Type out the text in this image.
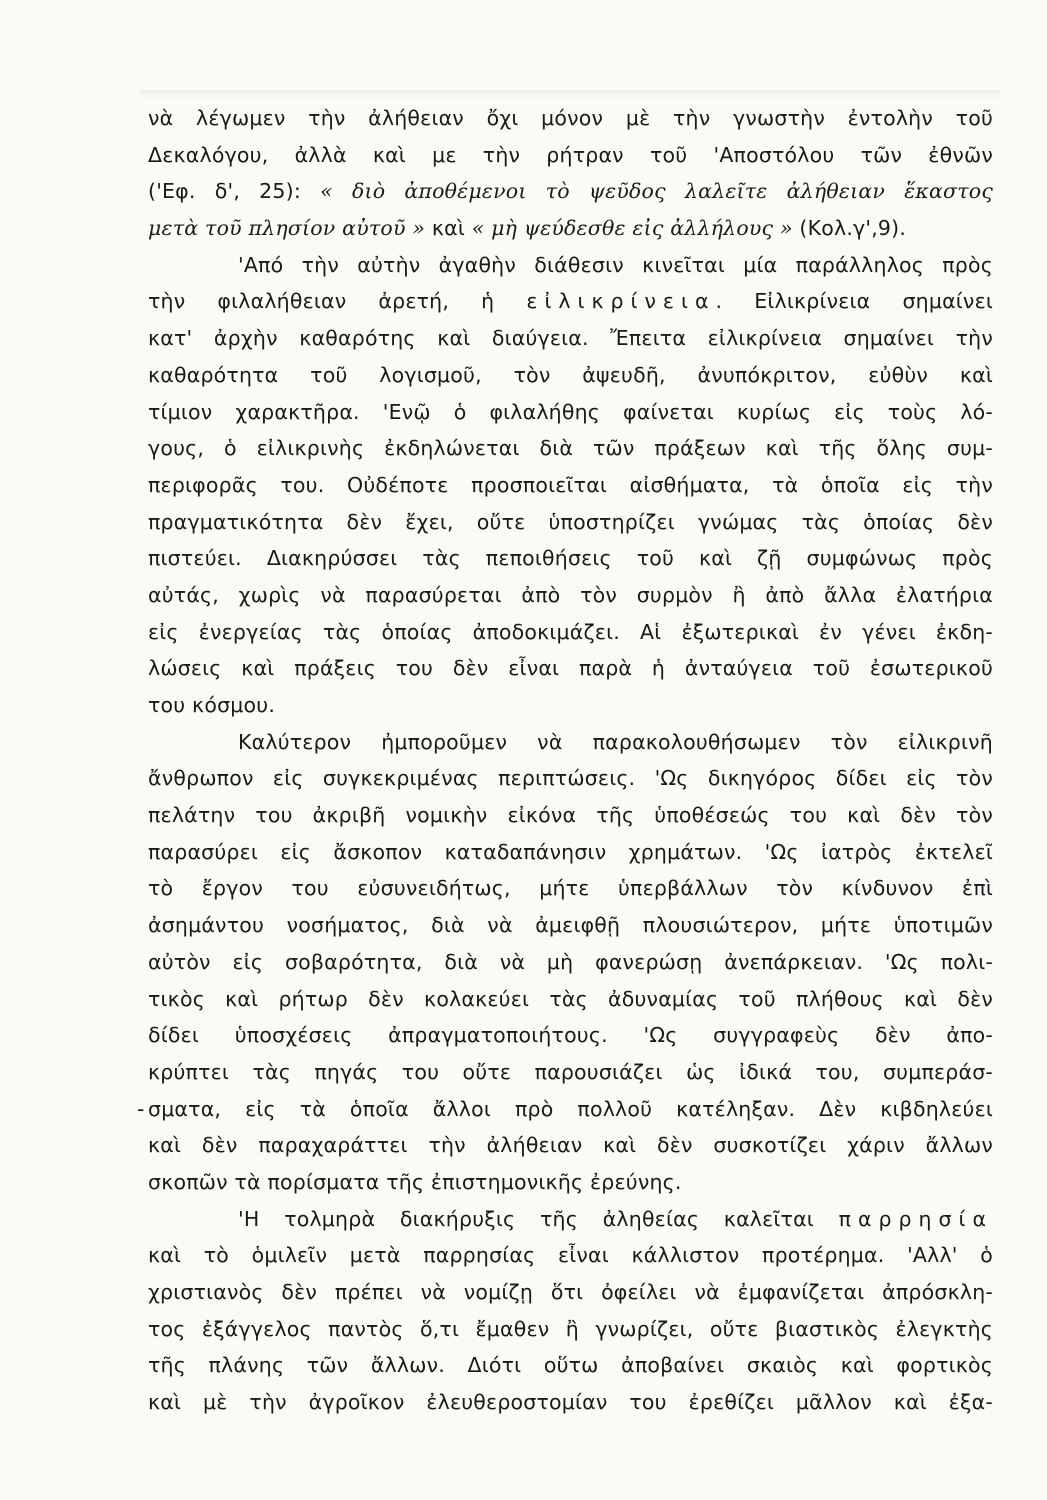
νὰ λέγωμεν τὴν ἀλήθειαν ὄχι μόνον μὲ τὴν γνωστὴν ἐντολὴν τοῦ
Δεκαλόγου, ἀλλὰ καὶ με τὴν ρήτραν τοῦ 'Αποστόλου τῶν ἐθνῶν
('Εφ. δ', 25): « διὸ ἀποθέμενοι τὸ ψεῦδος λαλεῖτε ἀλήθειαν ἕκαστος
μετὰ τοῦ πλησίον αὐτοῦ » καὶ « μὴ ψεύδεσθε εἰς ἀλλήλους » (Κολ.γ',9).
'Από τὴν αὐτὴν ἀγαθὴν διάθεσιν κινεῖται μία παράλληλος πρὸς
τὴν φιλαλήθειαν ἀρετή, ἡ εἰλικρίνεια. Εἰλικρίνεια σημαίνει
κατ' ἀρχὴν καθαρότης καὶ διαύγεια. Ἔπειτα εἰλικρίνεια σημαίνει τὴν
καθαρότητα τοῦ λογισμοῦ, τὸν ἀψευδῆ, ἀνυπόκριτον, εὐθὺν καὶ
τίμιον χαρακτῆρα. 'Ενῷ ὁ φιλαλήθης φαίνεται κυρίως εἰς τοὺς λό-
γους, ὁ εἰλικρινὴς ἐκδηλώνεται διὰ τῶν πράξεων καὶ τῆς ὅλης συμ-
περιφορᾶς του. Οὐδέποτε προσποιεῖται αἰσθήματα, τὰ ὁποῖα εἰς τὴν
πραγματικότητα δὲν ἔχει, οὔτε ὑποστηρίζει γνώμας τὰς ὁποίας δὲν
πιστεύει. Διακηρύσσει τὰς πεποιθήσεις τοῦ καὶ ζῇ συμφώνως πρὸς
αὐτάς, χωρὶς νὰ παρασύρεται ἀπὸ τὸν συρμὸν ἢ ἀπὸ ἄλλα ἐλατήρια
εἰς ἐνεργείας τὰς ὁποίας ἀποδοκιμάζει. Αἱ ἐξωτερικαὶ ἐν γένει ἐκδη-
λώσεις καὶ πράξεις του δὲν εἶναι παρὰ ἡ ἀνταύγεια τοῦ ἐσωτερικοῦ
του κόσμου.
Καλύτερον ἠμποροῦμεν νὰ παρακολουθήσωμεν τὸν εἰλικρινῆ
ἄνθρωπον εἰς συγκεκριμένας περιπτώσεις. 'Ως δικηγόρος δίδει εἰς τὸν
πελάτην του ἀκριβῆ νομικὴν εἰκόνα τῆς ὑποθέσεώς του καὶ δὲν τὸν
παρασύρει εἰς ἄσκοπον καταδαπάνησιν χρημάτων. 'Ως ἰατρὸς ἐκτελεῖ
τὸ ἔργον του εὐσυνειδήτως, μήτε ὑπερβάλλων τὸν κίνδυνον ἐπὶ
ἀσημάντου νοσήματος, διὰ νὰ ἀμειφθῇ πλουσιώτερον, μήτε ὑποτιμῶν
αὐτὸν εἰς σοβαρότητα, διὰ νὰ μὴ φανερώσῃ ἀνεπάρκειαν. 'Ως πολι-
τικὸς καὶ ρήτωρ δὲν κολακεύει τὰς ἀδυναμίας τοῦ πλήθους καὶ δὲν
δίδει ὑποσχέσεις ἀπραγματοποιήτους. 'Ως συγγραφεὺς δὲν ἀπο-
κρύπτει τὰς πηγάς του οὔτε παρουσιάζει ὡς ἰδικά του, συμπεράσ-
- σματα, εἰς τὰ ὁποῖα ἄλλοι πρὸ πολλοῦ κατέληξαν. Δὲν κιβδηλεύει
καὶ δὲν παραχαράττει τὴν ἀλήθειαν καὶ δὲν συσκοτίζει χάριν ἄλλων
σκοπῶν τὰ πορίσματα τῆς ἐπιστημονικῆς ἐρεύνης.
'Η τολμηρὰ διακήρυξις τῆς ἀληθείας καλεῖται παρρησία
καὶ τὸ ὁμιλεῖν μετὰ παρρησίας εἶναι κάλλιστον προτέρημα. 'Αλλ' ὁ
χριστιανὸς δὲν πρέπει νὰ νομίζῃ ὅτι ὀφείλει νὰ ἐμφανίζεται ἀπρόσκλη-
τος ἐξάγγελος παντὸς ὅ,τι ἔμαθεν ἢ γνωρίζει, οὔτε βιαστικὸς ἐλεγκτὴς
τῆς πλάνης τῶν ἄλλων. Διότι οὕτω ἀποβαίνει σκαιὸς καὶ φορτικὸς
καὶ μὲ τὴν ἀγροῖκον ἐλευθεροστομίαν του ἐρεθίζει μᾶλλον καὶ ἐξα-
